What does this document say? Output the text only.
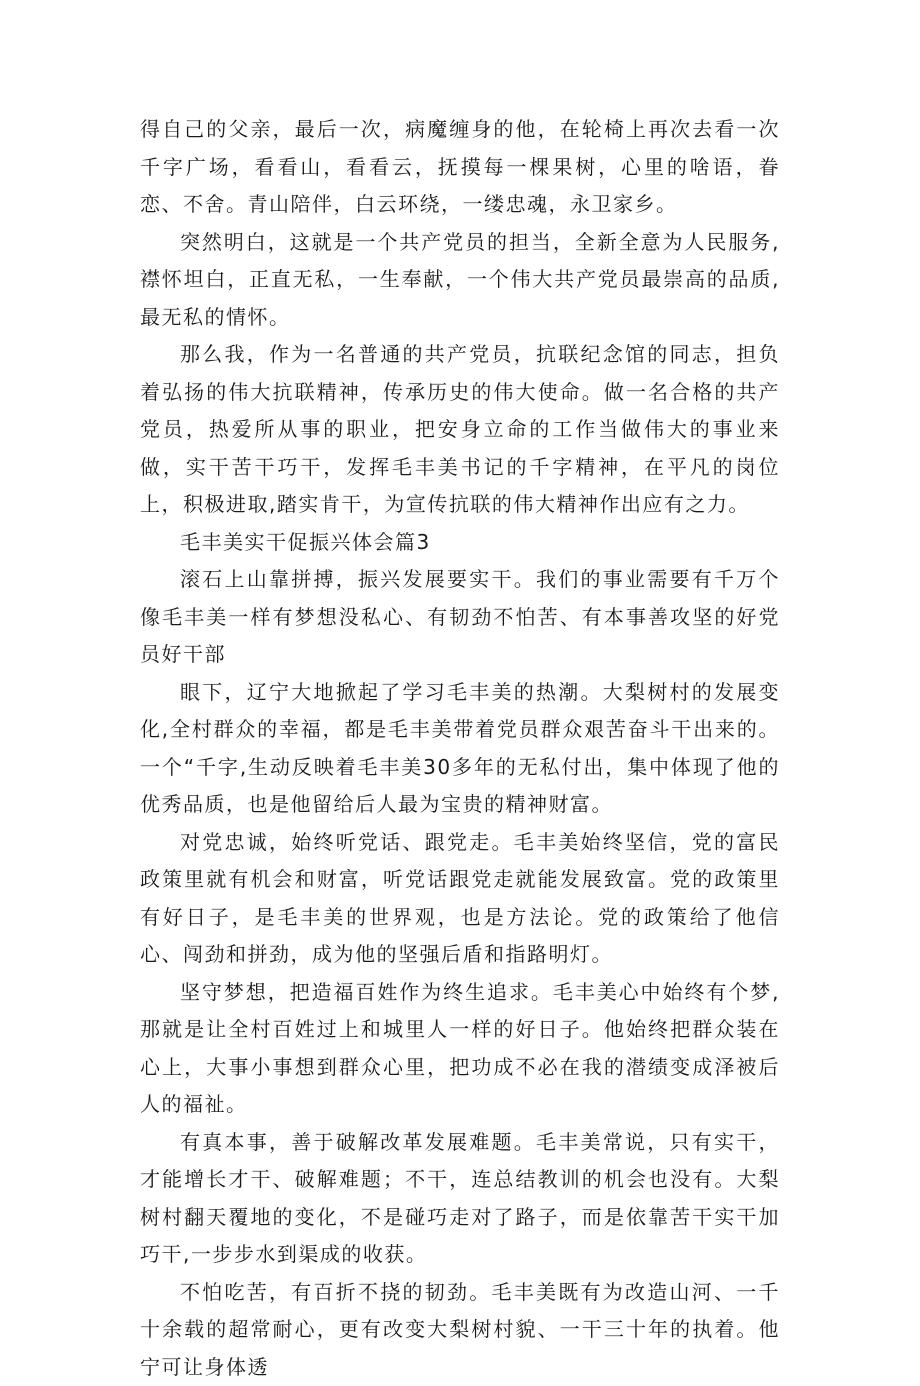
得自己的父亲，最后一次，病魔缠身的他，在轮椅上再次去看一次千字广场，看看山，看看云，抚摸每一棵果树，心里的啥语，眷恋、不舍。青山陪伴，白云环绕，一缕忠魂，永卫家乡。

突然明白，这就是一个共产党员的担当，全新全意为人民服务,襟怀坦白，正直无私，一生奉献，一个伟大共产党员最崇高的品质,最无私的情怀。

那么我，作为一名普通的共产党员，抗联纪念馆的同志，担负着弘扬的伟大抗联精神，传承历史的伟大使命。做一名合格的共产党员，热爱所从事的职业，把安身立命的工作当做伟大的事业来做，实干苦干巧干，发挥毛丰美书记的千字精神，在平凡的岗位上，积极进取,踏实肯干，为宣传抗联的伟大精神作出应有之力。

毛丰美实干促振兴体会篇3

滚石上山靠拼搏，振兴发展要实干。我们的事业需要有千万个像毛丰美一样有梦想没私心、有韧劲不怕苦、有本事善攻坚的好党员好干部

眼下，辽宁大地掀起了学习毛丰美的热潮。大梨树村的发展变化,全村群众的幸福，都是毛丰美带着党员群众艰苦奋斗干出来的。一个“千字,生动反映着毛丰美30多年的无私付出，集中体现了他的优秀品质，也是他留给后人最为宝贵的精神财富。

对党忠诚，始终听党话、跟党走。毛丰美始终坚信，党的富民政策里就有机会和财富，听党话跟党走就能发展致富。党的政策里有好日子，是毛丰美的世界观，也是方法论。党的政策给了他信心、闯劲和拼劲，成为他的坚强后盾和指路明灯。

坚守梦想，把造福百姓作为终生追求。毛丰美心中始终有个梦,那就是让全村百姓过上和城里人一样的好日子。他始终把群众装在心上，大事小事想到群众心里，把功成不必在我的潜绩变成泽被后人的福祉。

有真本事，善于破解改革发展难题。毛丰美常说，只有实干，才能增长才干、破解难题；不干，连总结教训的机会也没有。大梨树村翻天覆地的变化，不是碰巧走对了路子，而是依靠苦干实干加巧干,一步步水到渠成的收获。

不怕吃苦，有百折不挠的韧劲。毛丰美既有为改造山河、一千十余载的超常耐心，更有改变大梨树村貌、一干三十年的执着。他宁可让身体透
